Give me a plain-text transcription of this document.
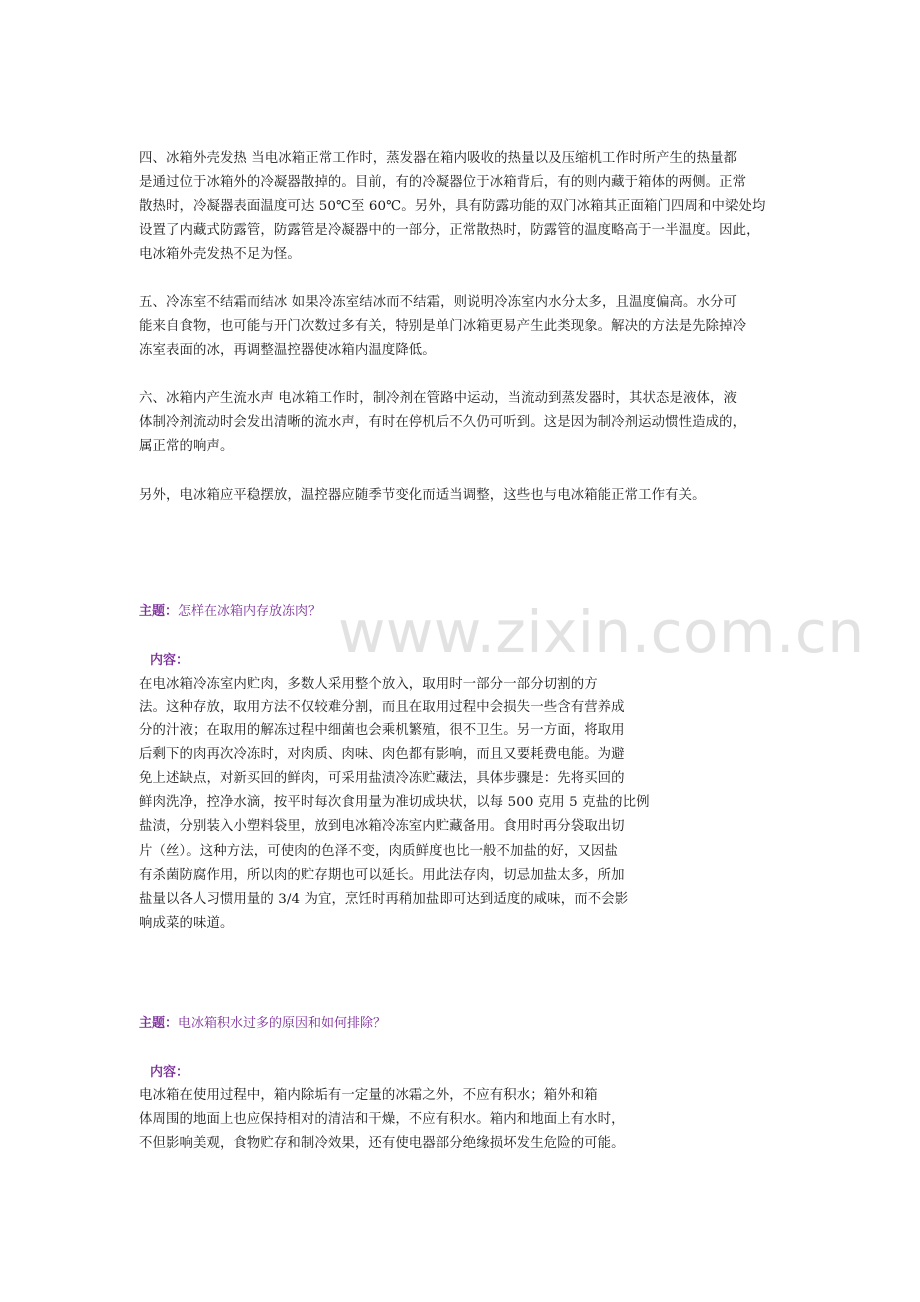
www.zixin.com.cn
四、冰箱外壳发热 当电冰箱正常工作时，蒸发器在箱内吸收的热量以及压缩机工作时所产生的热量都
是通过位于冰箱外的冷凝器散掉的。目前，有的冷凝器位于冰箱背后，有的则内藏于箱体的两侧。正常
散热时，冷凝器表面温度可达 50℃至 60℃。另外，具有防露功能的双门冰箱其正面箱门四周和中梁处均
设置了内藏式防露管，防露管是冷凝器中的一部分，正常散热时，防露管的温度略高于一半温度。因此，
电冰箱外壳发热不足为怪。
五、冷冻室不结霜而结冰 如果冷冻室结冰而不结霜，则说明冷冻室内水分太多，且温度偏高。水分可
能来自食物，也可能与开门次数过多有关，特别是单门冰箱更易产生此类现象。解决的方法是先除掉冷
冻室表面的冰，再调整温控器使冰箱内温度降低。
六、冰箱内产生流水声 电冰箱工作时，制冷剂在管路中运动，当流动到蒸发器时，其状态是液体，液
体制冷剂流动时会发出清晰的流水声，有时在停机后不久仍可听到。这是因为制冷剂运动惯性造成的，
属正常的响声。
另外，电冰箱应平稳摆放，温控器应随季节变化而适当调整，这些也与电冰箱能正常工作有关。
主题：怎样在冰箱内存放冻肉？
内容：
在电冰箱冷冻室内贮肉，多数人采用整个放入，取用时一部分一部分切割的方
法。这种存放，取用方法不仅较难分割，而且在取用过程中会损失一些含有营养成
分的汁液；在取用的解冻过程中细菌也会乘机繁殖，很不卫生。另一方面，将取用
后剩下的肉再次冷冻时，对肉质、肉味、肉色都有影响，而且又要耗费电能。为避
免上述缺点，对新买回的鲜肉，可采用盐渍冷冻贮藏法，具体步骤是：先将买回的
鲜肉洗净，控净水滴，按平时每次食用量为准切成块状，以每 500 克用 5 克盐的比例
盐渍，分别装入小塑料袋里，放到电冰箱冷冻室内贮藏备用。食用时再分袋取出切
片（丝）。这种方法，可使肉的色泽不变，肉质鲜度也比一般不加盐的好，又因盐
有杀菌防腐作用，所以肉的贮存期也可以延长。用此法存肉，切忌加盐太多，所加
盐量以各人习惯用量的 3/4 为宜，烹饪时再稍加盐即可达到适度的咸味，而不会影
响成菜的味道。
主题：电冰箱积水过多的原因和如何排除？
内容：
电冰箱在使用过程中，箱内除垢有一定量的冰霜之外，不应有积水；箱外和箱
体周围的地面上也应保持相对的清洁和干燥，不应有积水。箱内和地面上有水时，
不但影响美观，食物贮存和制冷效果，还有使电器部分绝缘损坏发生危险的可能。
